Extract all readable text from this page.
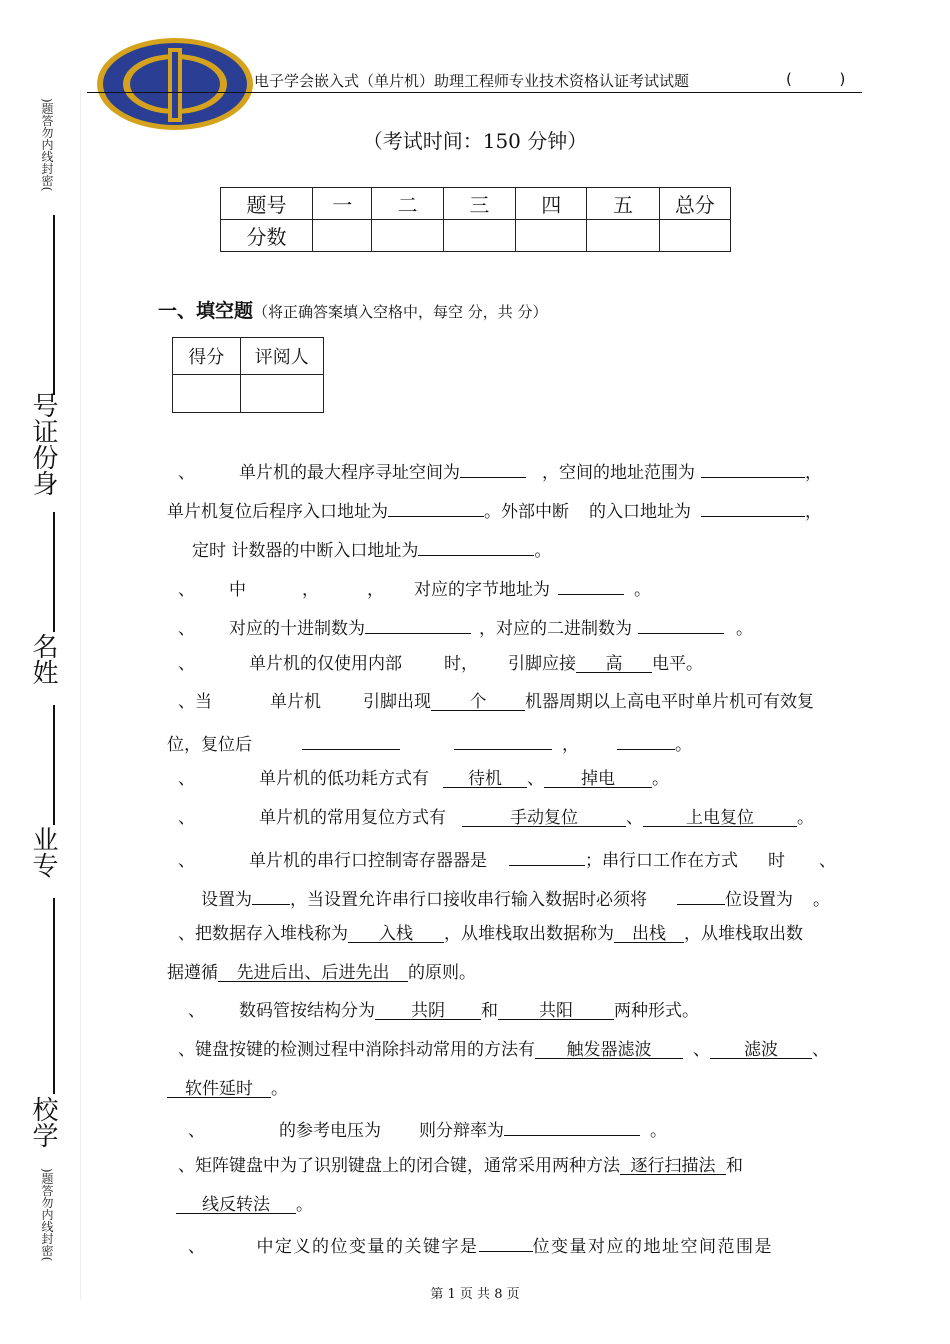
)题答勿内线封密(
号证份身
名姓
业专
校学
)题答勿内线封密(
电子学会嵌入式（单片机）助理工程师专业技术资格认证考试试题	(          )
（考试时间：150 分钟）
题号	一	二	三	四	五	总分
分数						
一、填空题（将正确答案填入空格中，每空 分，共 分）
得分	评阅人

、	单片机的最大程序寻址空间为	，空间的地址范围为	，
单片机复位后程序入口地址为	。外部中断 的入口地址为	，
定时 计数器的中断入口地址为	。
、 中	，	， 对应的字节地址为	。
、 对应的十进制数为	，对应的二进制数为	。
、	单片机的仅使用内部 时， 引脚应接 高 电平。
、当	单片机 引脚出现 个 机器周期以上高电平时单片机可有效复
位，复位后	，	。
、	单片机的低功耗方式有 待机 、 掉电 。
、	单片机的常用复位方式有	手动复位	、	上电复位	。
、	单片机的串行口控制寄存器器是	；串行口工作在方式 时 、
设置为 ，当设置允许串行口接收串行输入数据时必须将	位设置为 。
、把数据存入堆栈称为 入栈 ，从堆栈取出数据称为 出栈 ，从堆栈取出数
据遵循 先进后出、后进先出 的原则。
、 数码管按结构分为 共阴 和 共阳 两种形式。
、键盘按键的检测过程中消除抖动常用的方法有 触发器滤波 、 滤波 、
软件延时 。
、	的参考电压为 则分辩率为	。
、矩阵键盘中为了识别键盘上的闭合键，通常采用两种方法 逐行扫描法 和
线反转法 。
、	中定义的位变量的关键字是	位变量对应的地址空间范围是
第 1 页 共 8 页
